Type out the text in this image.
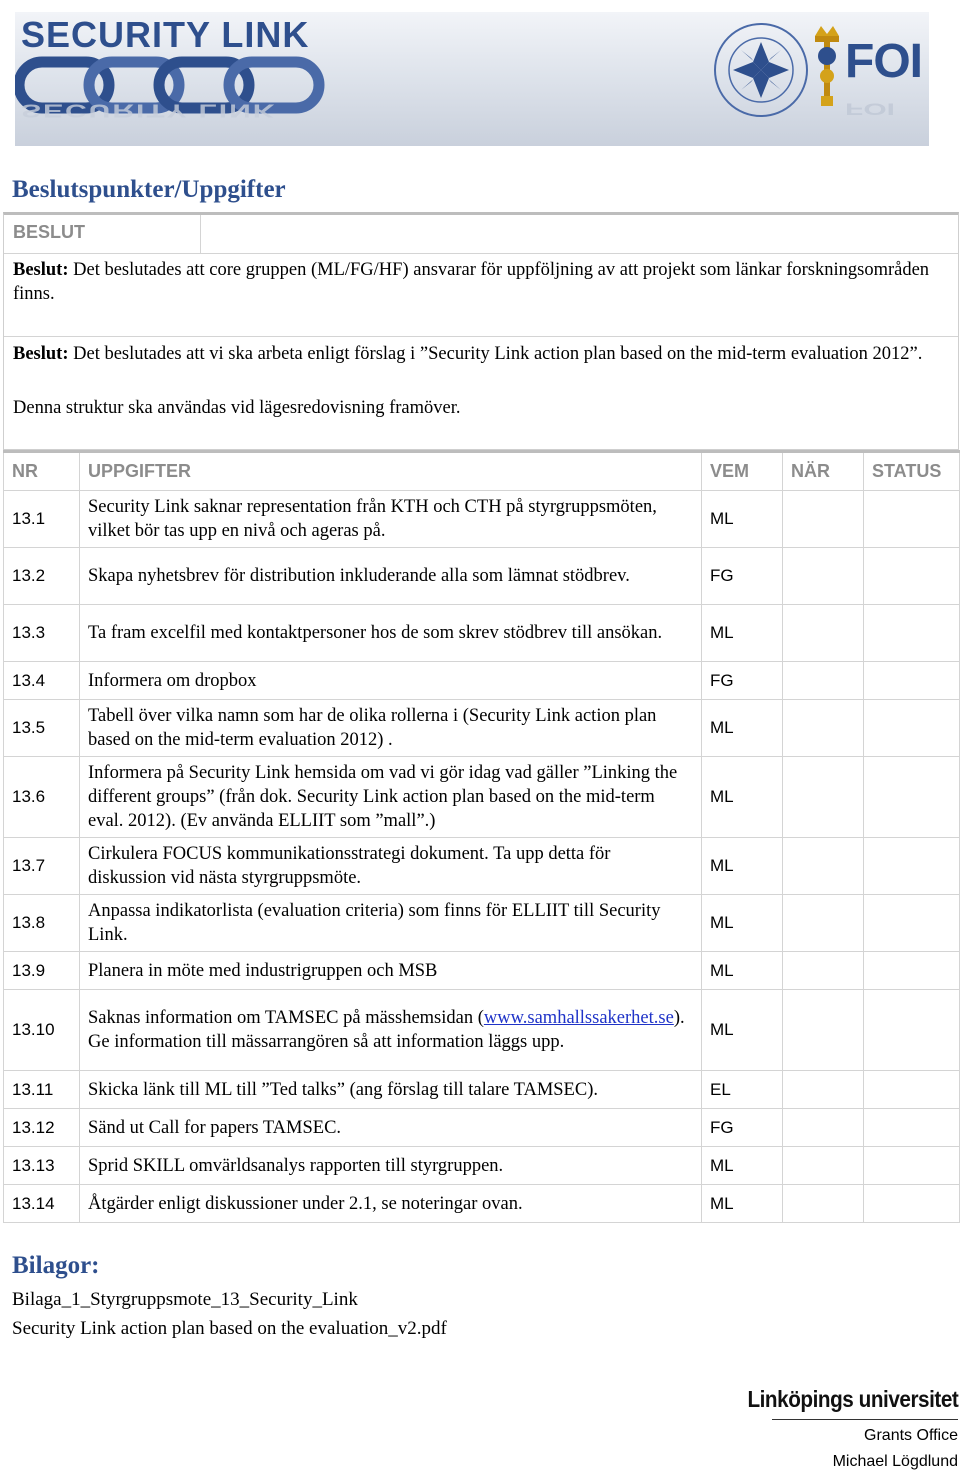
SECURITY LINK
SECURITY LINK
FOI
FOI
Beslutspunkter/Uppgifter
BESLUT
Beslut: Det beslutades att core gruppen (ML/FG/HF) ansvarar för uppföljning av att projekt som länkar forskningsområden finns.
Beslut: Det beslutades att vi ska arbeta enligt förslag i ”Security Link action plan based on the mid-term evaluation 2012”.
Denna struktur ska användas vid lägesredovisning framöver.
NR	UPPGIFTER	VEM	NÄR	STATUS
13.1	Security Link saknar representation från KTH och CTH på styrgruppsmöten, vilket bör tas upp en nivå och ageras på.	ML		
13.2	Skapa nyhetsbrev för distribution inkluderande alla som lämnat stödbrev.	FG		
13.3	Ta fram excelfil med kontaktpersoner hos de som skrev stödbrev till ansökan.	ML		
13.4	Informera om dropbox	FG		
13.5	Tabell över vilka namn som har de olika rollerna i (Security Link action plan based on the mid-term evaluation 2012) .	ML		
13.6	Informera på Security Link hemsida om vad vi gör idag vad gäller ”Linking the different groups” (från dok. Security Link action plan based on the mid-term eval. 2012). (Ev använda ELLIIT som ”mall”.)	ML		
13.7	Cirkulera FOCUS kommunikationsstrategi dokument. Ta upp detta för diskussion vid nästa styrgruppsmöte.	ML		
13.8	Anpassa indikatorlista (evaluation criteria) som finns för ELLIIT till Security Link.	ML		
13.9	Planera in möte med industrigruppen och MSB	ML		
13.10	Saknas information om TAMSEC på mässhemsidan (www.samhallssakerhet.se). Ge information till mässarrangören så att information läggs upp.	ML		
13.11	Skicka länk till ML till ”Ted talks” (ang förslag till talare TAMSEC).	EL		
13.12	Sänd ut Call for papers TAMSEC.	FG		
13.13	Sprid SKILL omvärldsanalys rapporten till styrgruppen.	ML		
13.14	Åtgärder enligt diskussioner under 2.1, se noteringar ovan.	ML		
Bilagor:
Bilaga_1_Styrgruppsmote_13_Security_Link
Security Link action plan based on the evaluation_v2.pdf
Linköpings universitet
Grants Office
Michael Lögdlund
